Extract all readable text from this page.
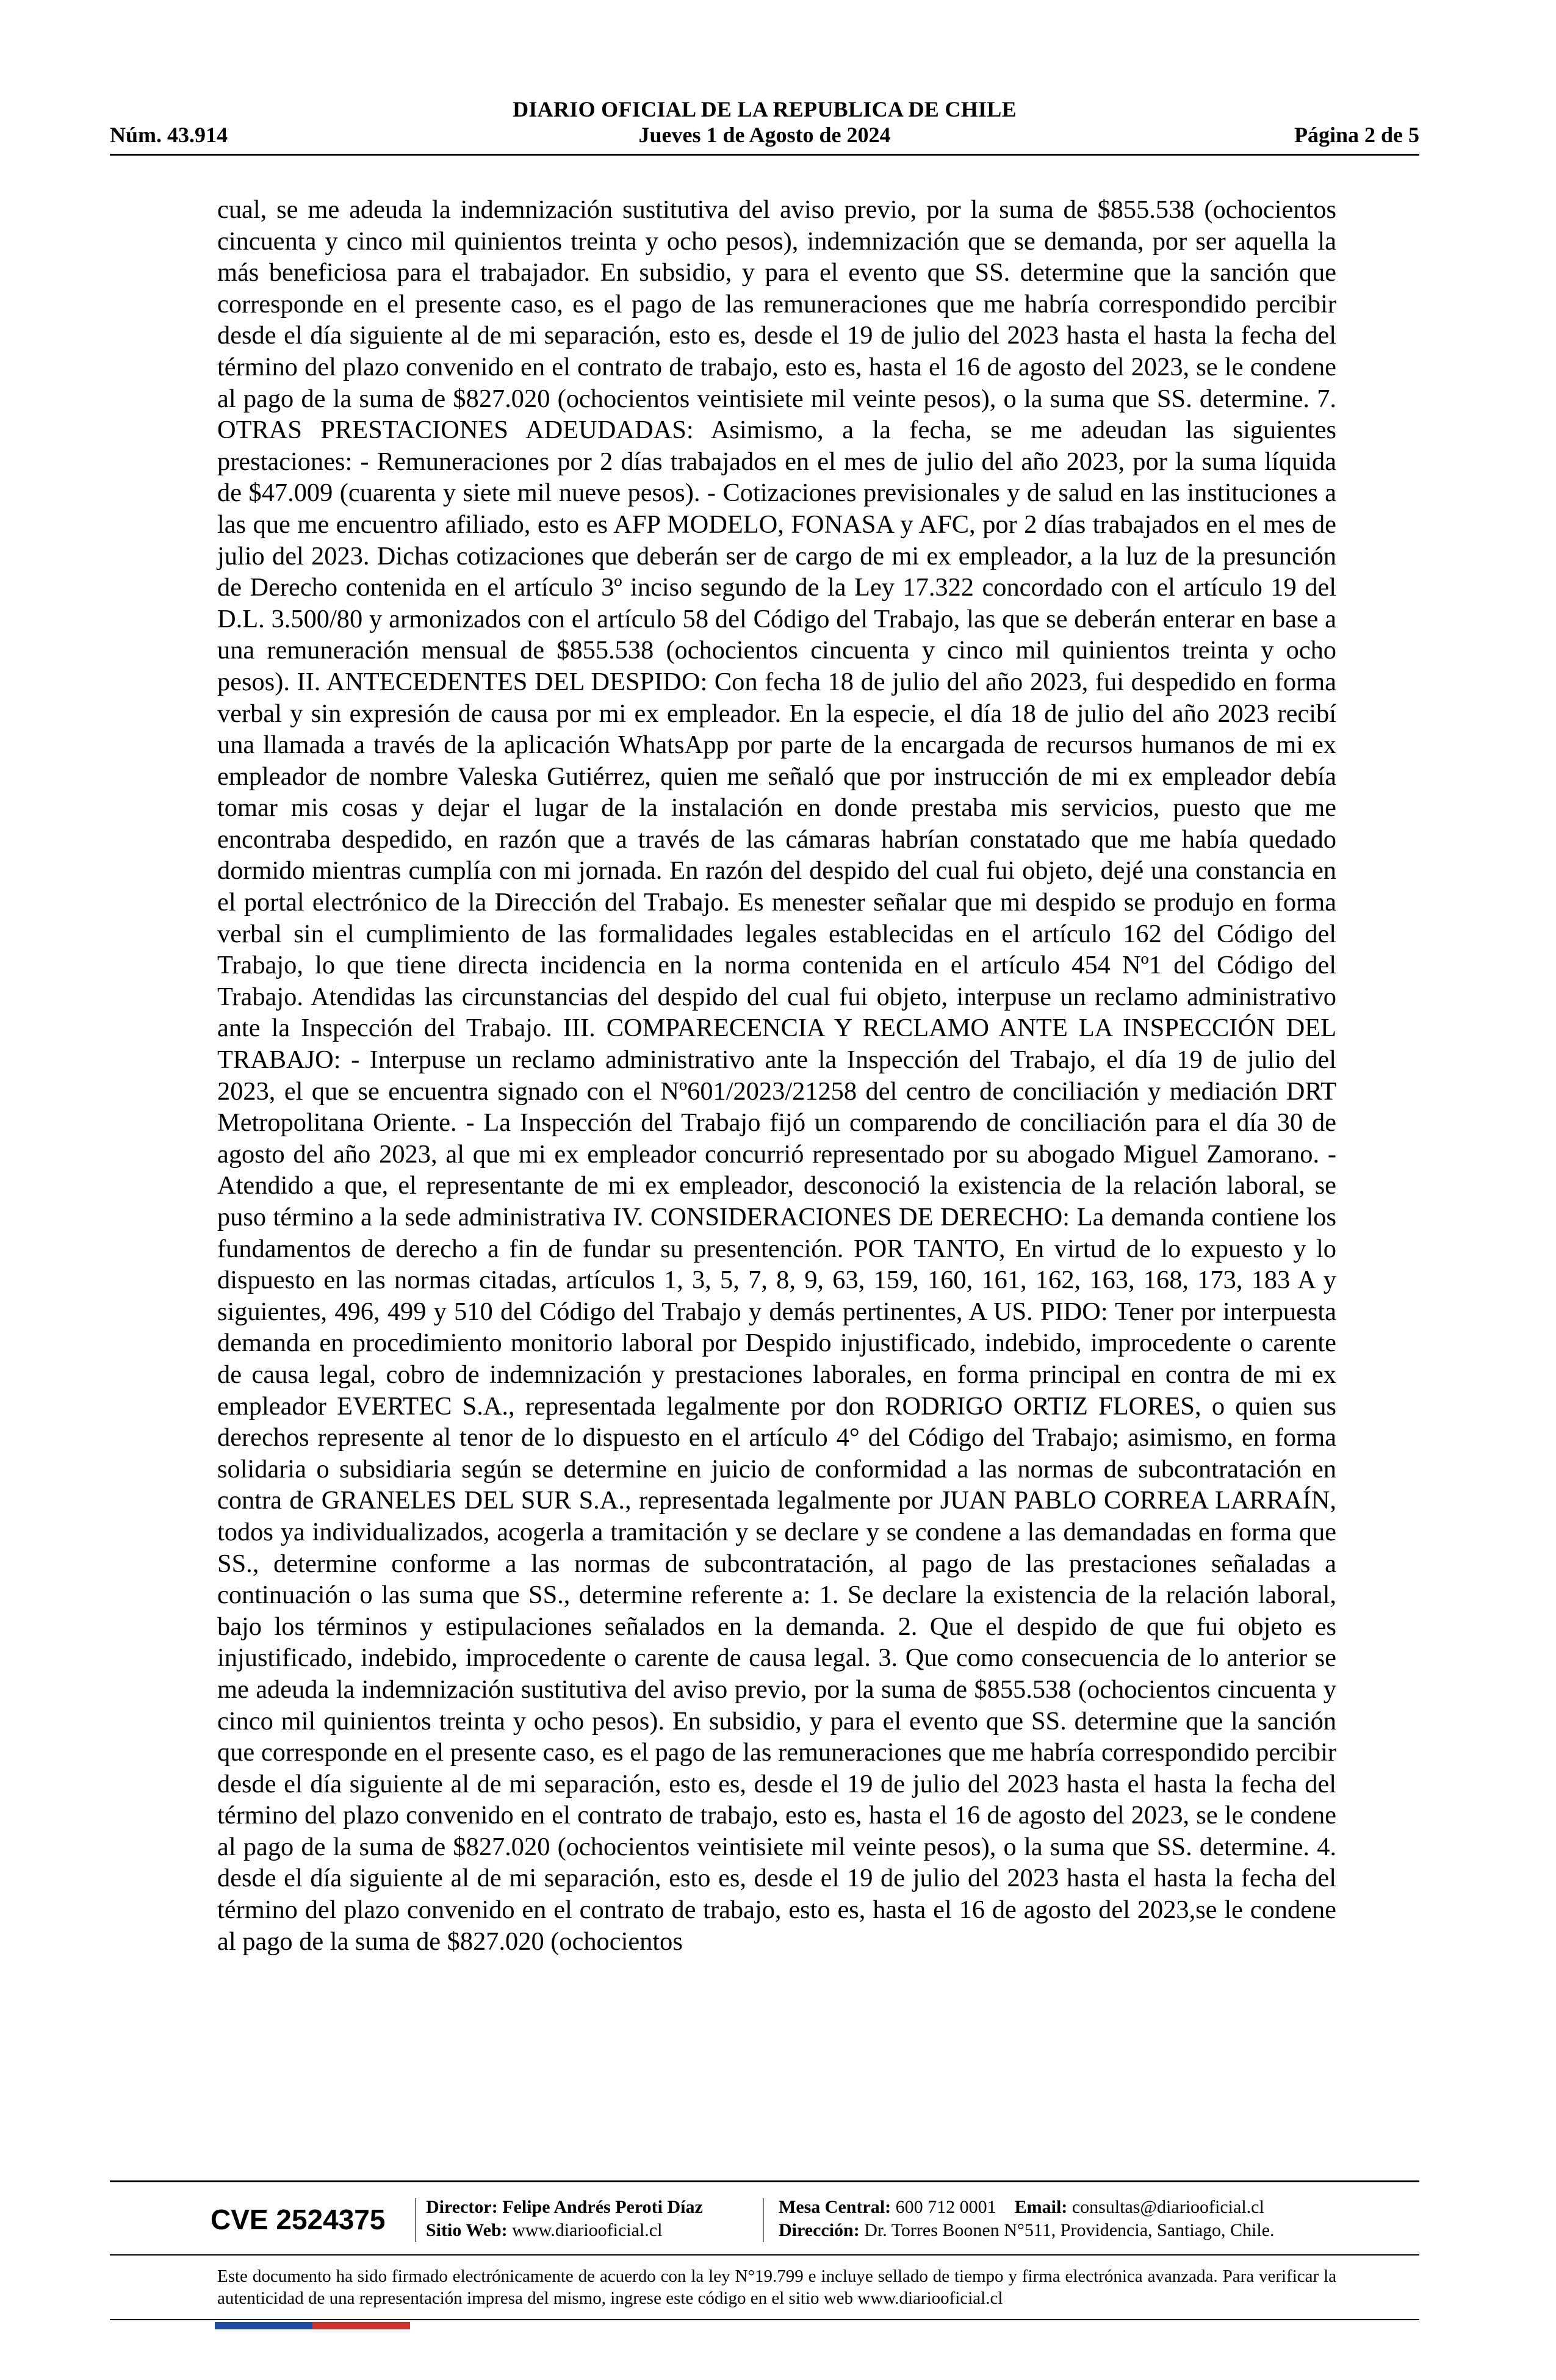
DIARIO OFICIAL DE LA REPUBLICA DE CHILE
Núm. 43.914	Jueves 1 de Agosto de 2024	Página 2 de 5
cual, se me adeuda la indemnización sustitutiva del aviso previo, por la suma de $855.538 (ochocientos cincuenta y cinco mil quinientos treinta y ocho pesos), indemnización que se demanda, por ser aquella la más beneficiosa para el trabajador. En subsidio, y para el evento que SS. determine que la sanción que corresponde en el presente caso, es el pago de las remuneraciones que me habría correspondido percibir desde el día siguiente al de mi separación, esto es, desde el 19 de julio del 2023 hasta el hasta la fecha del término del plazo convenido en el contrato de trabajo, esto es, hasta el 16 de agosto del 2023, se le condene al pago de la suma de $827.020 (ochocientos veintisiete mil veinte pesos), o la suma que SS. determine. 7. OTRAS PRESTACIONES ADEUDADAS: Asimismo, a la fecha, se me adeudan las siguientes prestaciones: - Remuneraciones por 2 días trabajados en el mes de julio del año 2023, por la suma líquida de $47.009 (cuarenta y siete mil nueve pesos). - Cotizaciones previsionales y de salud en las instituciones a las que me encuentro afiliado, esto es AFP MODELO, FONASA y AFC, por 2 días trabajados en el mes de julio del 2023. Dichas cotizaciones que deberán ser de cargo de mi ex empleador, a la luz de la presunción de Derecho contenida en el artículo 3º inciso segundo de la Ley 17.322 concordado con el artículo 19 del D.L. 3.500/80 y armonizados con el artículo 58 del Código del Trabajo, las que se deberán enterar en base a una remuneración mensual de $855.538 (ochocientos cincuenta y cinco mil quinientos treinta y ocho pesos). II. ANTECEDENTES DEL DESPIDO: Con fecha 18 de julio del año 2023, fui despedido en forma verbal y sin expresión de causa por mi ex empleador. En la especie, el día 18 de julio del año 2023 recibí una llamada a través de la aplicación WhatsApp por parte de la encargada de recursos humanos de mi ex empleador de nombre Valeska Gutiérrez, quien me señaló que por instrucción de mi ex empleador debía tomar mis cosas y dejar el lugar de la instalación en donde prestaba mis servicios, puesto que me encontraba despedido, en razón que a través de las cámaras habrían constatado que me había quedado dormido mientras cumplía con mi jornada. En razón del despido del cual fui objeto, dejé una constancia en el portal electrónico de la Dirección del Trabajo. Es menester señalar que mi despido se produjo en forma verbal sin el cumplimiento de las formalidades legales establecidas en el artículo 162 del Código del Trabajo, lo que tiene directa incidencia en la norma contenida en el artículo 454 Nº1 del Código del Trabajo. Atendidas las circunstancias del despido del cual fui objeto, interpuse un reclamo administrativo ante la Inspección del Trabajo. III. COMPARECENCIA Y RECLAMO ANTE LA INSPECCIÓN DEL TRABAJO: - Interpuse un reclamo administrativo ante la Inspección del Trabajo, el día 19 de julio del 2023, el que se encuentra signado con el Nº601/2023/21258 del centro de conciliación y mediación DRT Metropolitana Oriente. - La Inspección del Trabajo fijó un comparendo de conciliación para el día 30 de agosto del año 2023, al que mi ex empleador concurrió representado por su abogado Miguel Zamorano. - Atendido a que, el representante de mi ex empleador, desconoció la existencia de la relación laboral, se puso término a la sede administrativa IV. CONSIDERACIONES DE DERECHO: La demanda contiene los fundamentos de derecho a fin de fundar su presentención. POR TANTO, En virtud de lo expuesto y lo dispuesto en las normas citadas, artículos 1, 3, 5, 7, 8, 9, 63, 159, 160, 161, 162, 163, 168, 173, 183 A y siguientes, 496, 499 y 510 del Código del Trabajo y demás pertinentes, A US. PIDO: Tener por interpuesta demanda en procedimiento monitorio laboral por Despido injustificado, indebido, improcedente o carente de causa legal, cobro de indemnización y prestaciones laborales, en forma principal en contra de mi ex empleador EVERTEC S.A., representada legalmente por don RODRIGO ORTIZ FLORES, o quien sus derechos represente al tenor de lo dispuesto en el artículo 4° del Código del Trabajo; asimismo, en forma solidaria o subsidiaria según se determine en juicio de conformidad a las normas de subcontratación en contra de GRANELES DEL SUR S.A., representada legalmente por JUAN PABLO CORREA LARRAÍN, todos ya individualizados, acogerla a tramitación y se declare y se condene a las demandadas en forma que SS., determine conforme a las normas de subcontratación, al pago de las prestaciones señaladas a continuación o las suma que SS., determine referente a: 1. Se declare la existencia de la relación laboral, bajo los términos y estipulaciones señalados en la demanda. 2. Que el despido de que fui objeto es injustificado, indebido, improcedente o carente de causa legal. 3. Que como consecuencia de lo anterior se me adeuda la indemnización sustitutiva del aviso previo, por la suma de $855.538 (ochocientos cincuenta y cinco mil quinientos treinta y ocho pesos). En subsidio, y para el evento que SS. determine que la sanción que corresponde en el presente caso, es el pago de las remuneraciones que me habría correspondido percibir desde el día siguiente al de mi separación, esto es, desde el 19 de julio del 2023 hasta el hasta la fecha del término del plazo convenido en el contrato de trabajo, esto es, hasta el 16 de agosto del 2023, se le condene al pago de la suma de $827.020 (ochocientos veintisiete mil veinte pesos), o la suma que SS. determine. 4. desde el día siguiente al de mi separación, esto es, desde el 19 de julio del 2023 hasta el hasta la fecha del término del plazo convenido en el contrato de trabajo, esto es, hasta el 16 de agosto del 2023,se le condene al pago de la suma de $827.020 (ochocientos
CVE 2524375	Director: Felipe Andrés Peroti Díaz
Sitio Web: www.diariooficial.cl
Mesa Central: 600 712 0001 Email: consultas@diariooficial.cl
Dirección: Dr. Torres Boonen N°511, Providencia, Santiago, Chile.
Este documento ha sido firmado electrónicamente de acuerdo con la ley N°19.799 e incluye sellado de tiempo y firma electrónica avanzada. Para verificar la autenticidad de una representación impresa del mismo, ingrese este código en el sitio web www.diariooficial.cl
